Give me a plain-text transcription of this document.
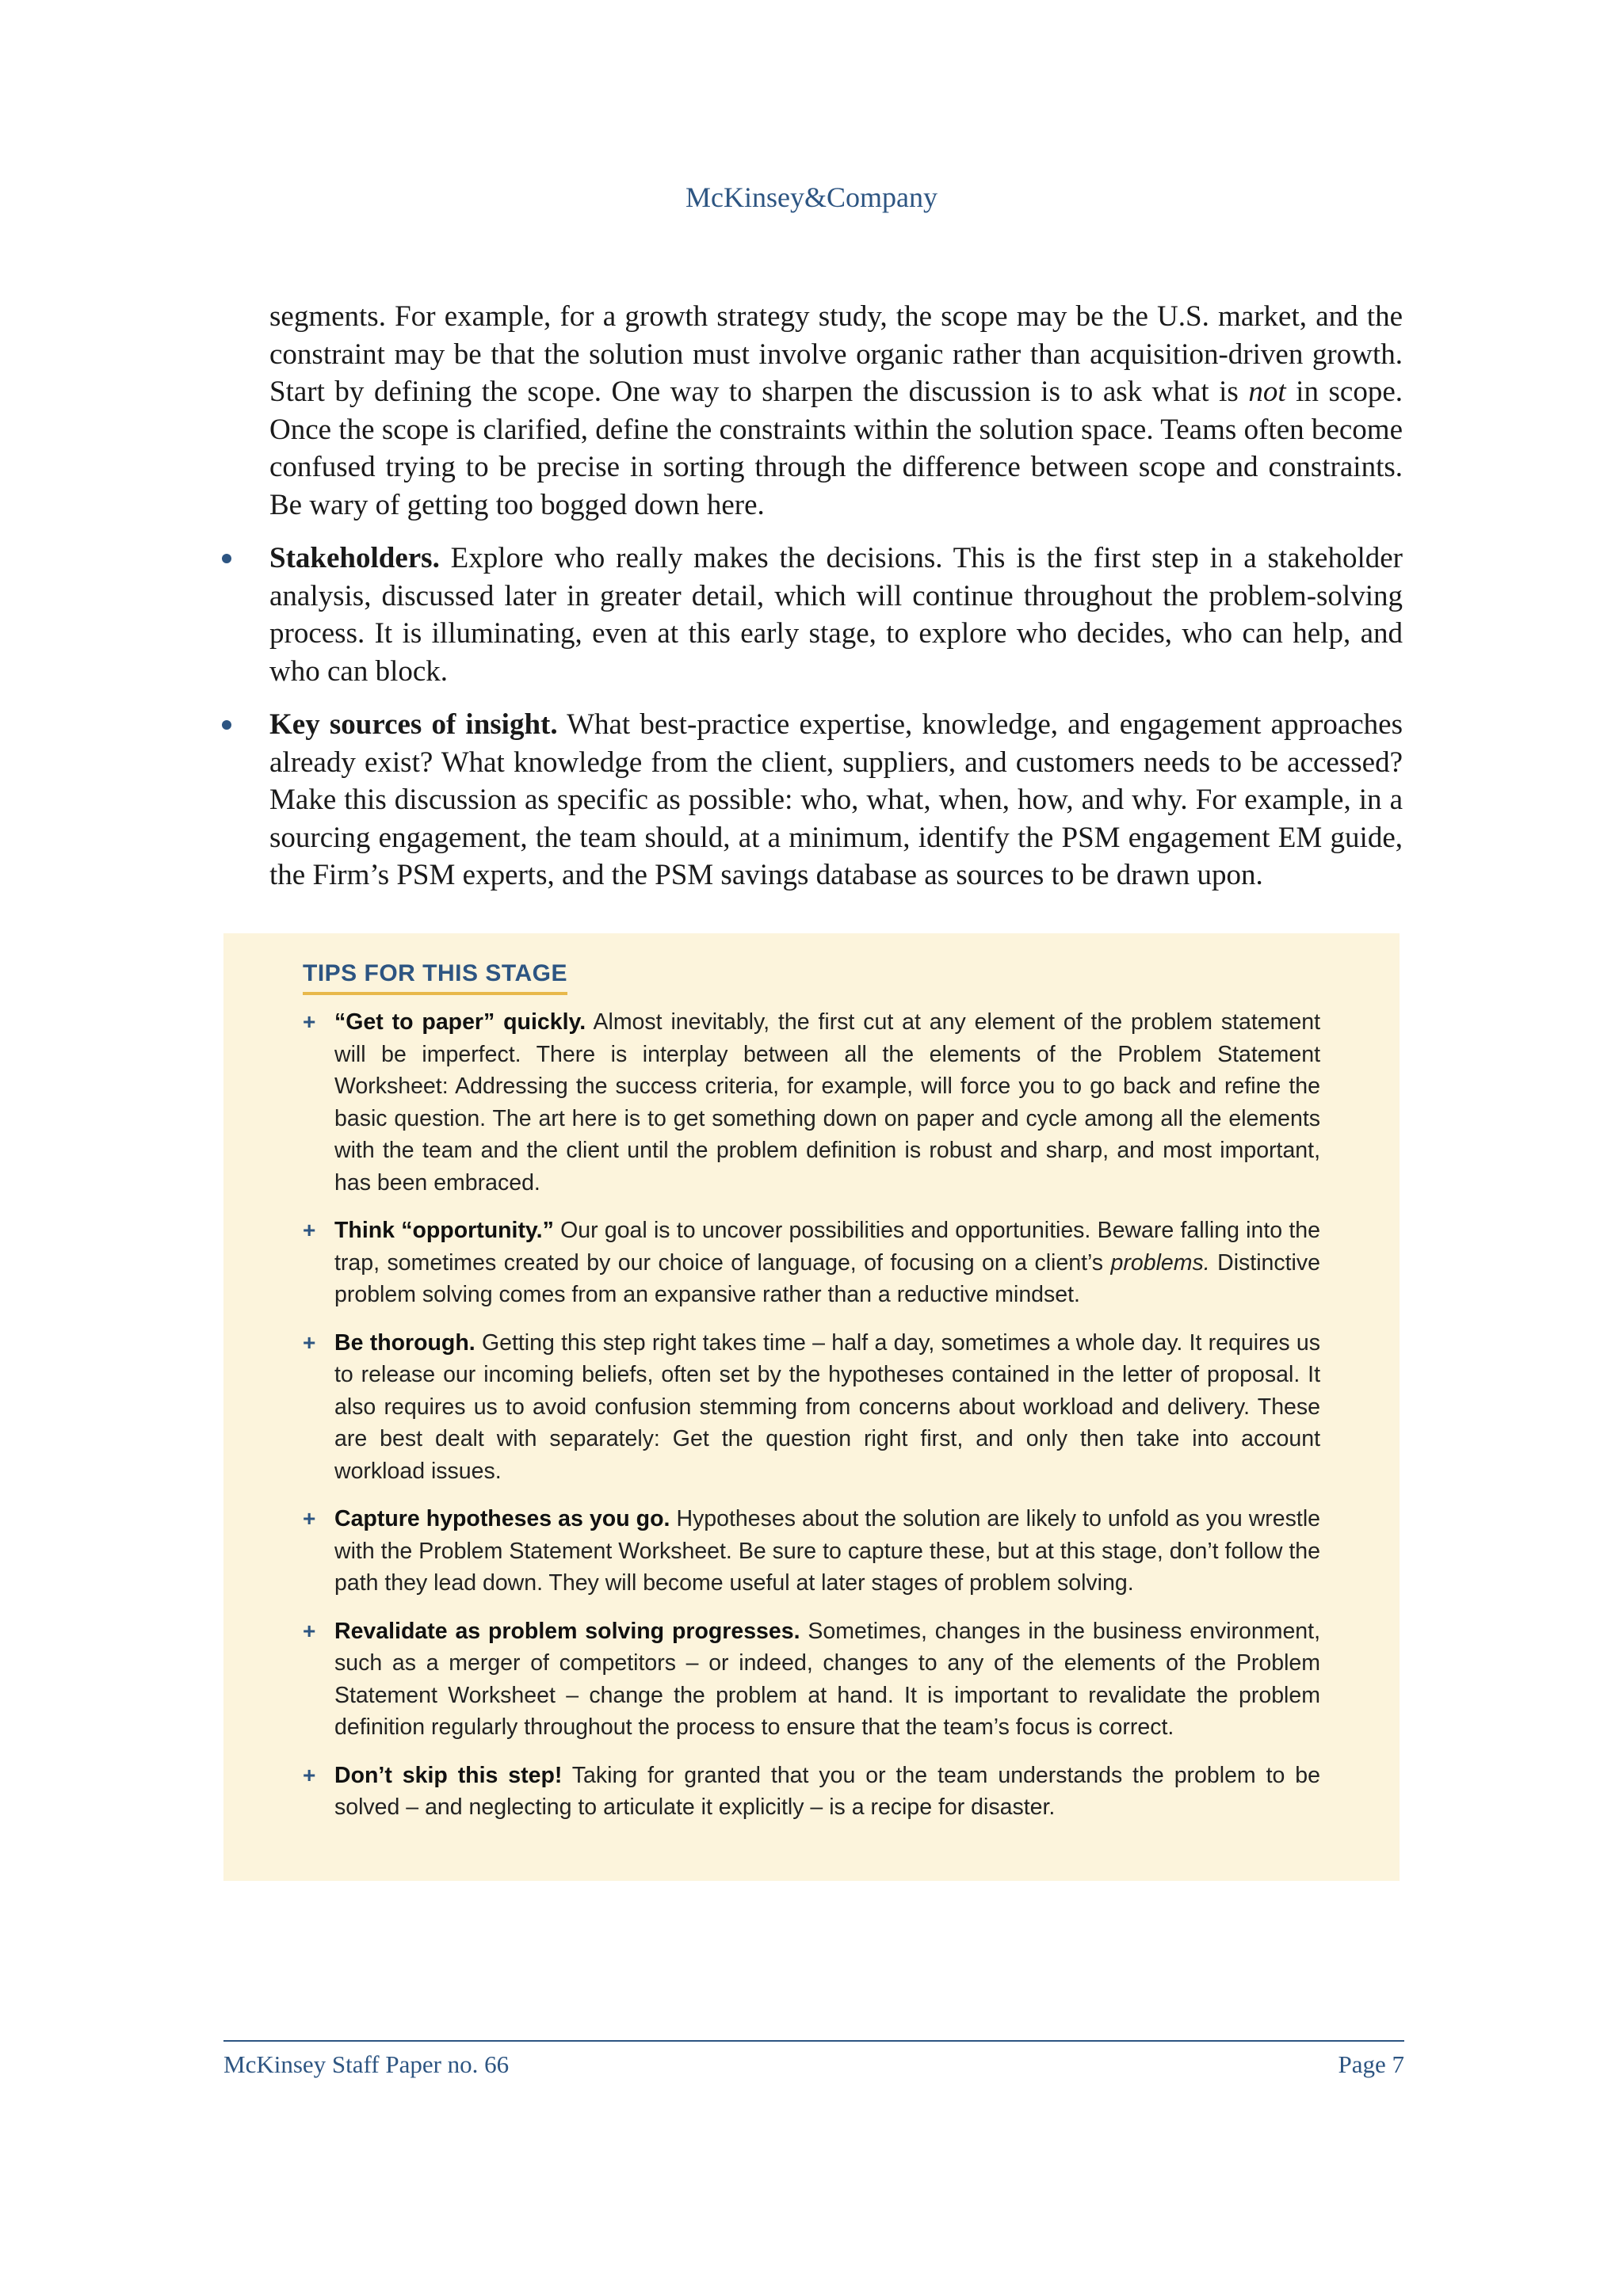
McKinsey&Company

segments. For example, for a growth strategy study, the scope may be the U.S. market, and the constraint may be that the solution must involve organic rather than acquisition-driven growth. Start by defining the scope. One way to sharpen the discussion is to ask what is not in scope. Once the scope is clarified, define the constraints within the solution space. Teams often become confused trying to be precise in sorting through the difference between scope and constraints. Be wary of getting too bogged down here.

Stakeholders. Explore who really makes the decisions. This is the first step in a stakeholder analysis, discussed later in greater detail, which will continue throughout the problem-solving process. It is illuminating, even at this early stage, to explore who decides, who can help, and who can block.
Key sources of insight. What best-practice expertise, knowledge, and engagement approaches already exist? What knowledge from the client, suppliers, and customers needs to be accessed? Make this discussion as specific as possible: who, what, when, how, and why. For example, in a sourcing engagement, the team should, at a minimum, identify the PSM engagement EM guide, the Firm’s PSM experts, and the PSM savings database as sources to be drawn upon.
TIPS FOR THIS STAGE
+ “Get to paper” quickly. Almost inevitably, the first cut at any element of the problem statement will be imperfect. There is interplay between all the elements of the Problem Statement Worksheet: Addressing the success criteria, for example, will force you to go back and refine the basic question. The art here is to get something down on paper and cycle among all the elements with the team and the client until the problem definition is robust and sharp, and most important, has been embraced.
+ Think “opportunity.” Our goal is to uncover possibilities and opportunities. Beware falling into the trap, sometimes created by our choice of language, of focusing on a client’s problems. Distinctive problem solving comes from an expansive rather than a reductive mindset.
+ Be thorough. Getting this step right takes time – half a day, sometimes a whole day. It requires us to release our incoming beliefs, often set by the hypotheses contained in the letter of proposal. It also requires us to avoid confusion stemming from concerns about workload and delivery. These are best dealt with separately: Get the question right first, and only then take into account workload issues.
+ Capture hypotheses as you go. Hypotheses about the solution are likely to unfold as you wrestle with the Problem Statement Worksheet. Be sure to capture these, but at this stage, don’t follow the path they lead down. They will become useful at later stages of problem solving.
+ Revalidate as problem solving progresses. Sometimes, changes in the business environment, such as a merger of competitors – or indeed, changes to any of the elements of the Problem Statement Worksheet – change the problem at hand. It is important to revalidate the problem definition regularly throughout the process to ensure that the team’s focus is correct.
+ Don’t skip this step! Taking for granted that you or the team understands the problem to be solved – and neglecting to articulate it explicitly – is a recipe for disaster.
McKinsey Staff Paper no. 66	Page 7
